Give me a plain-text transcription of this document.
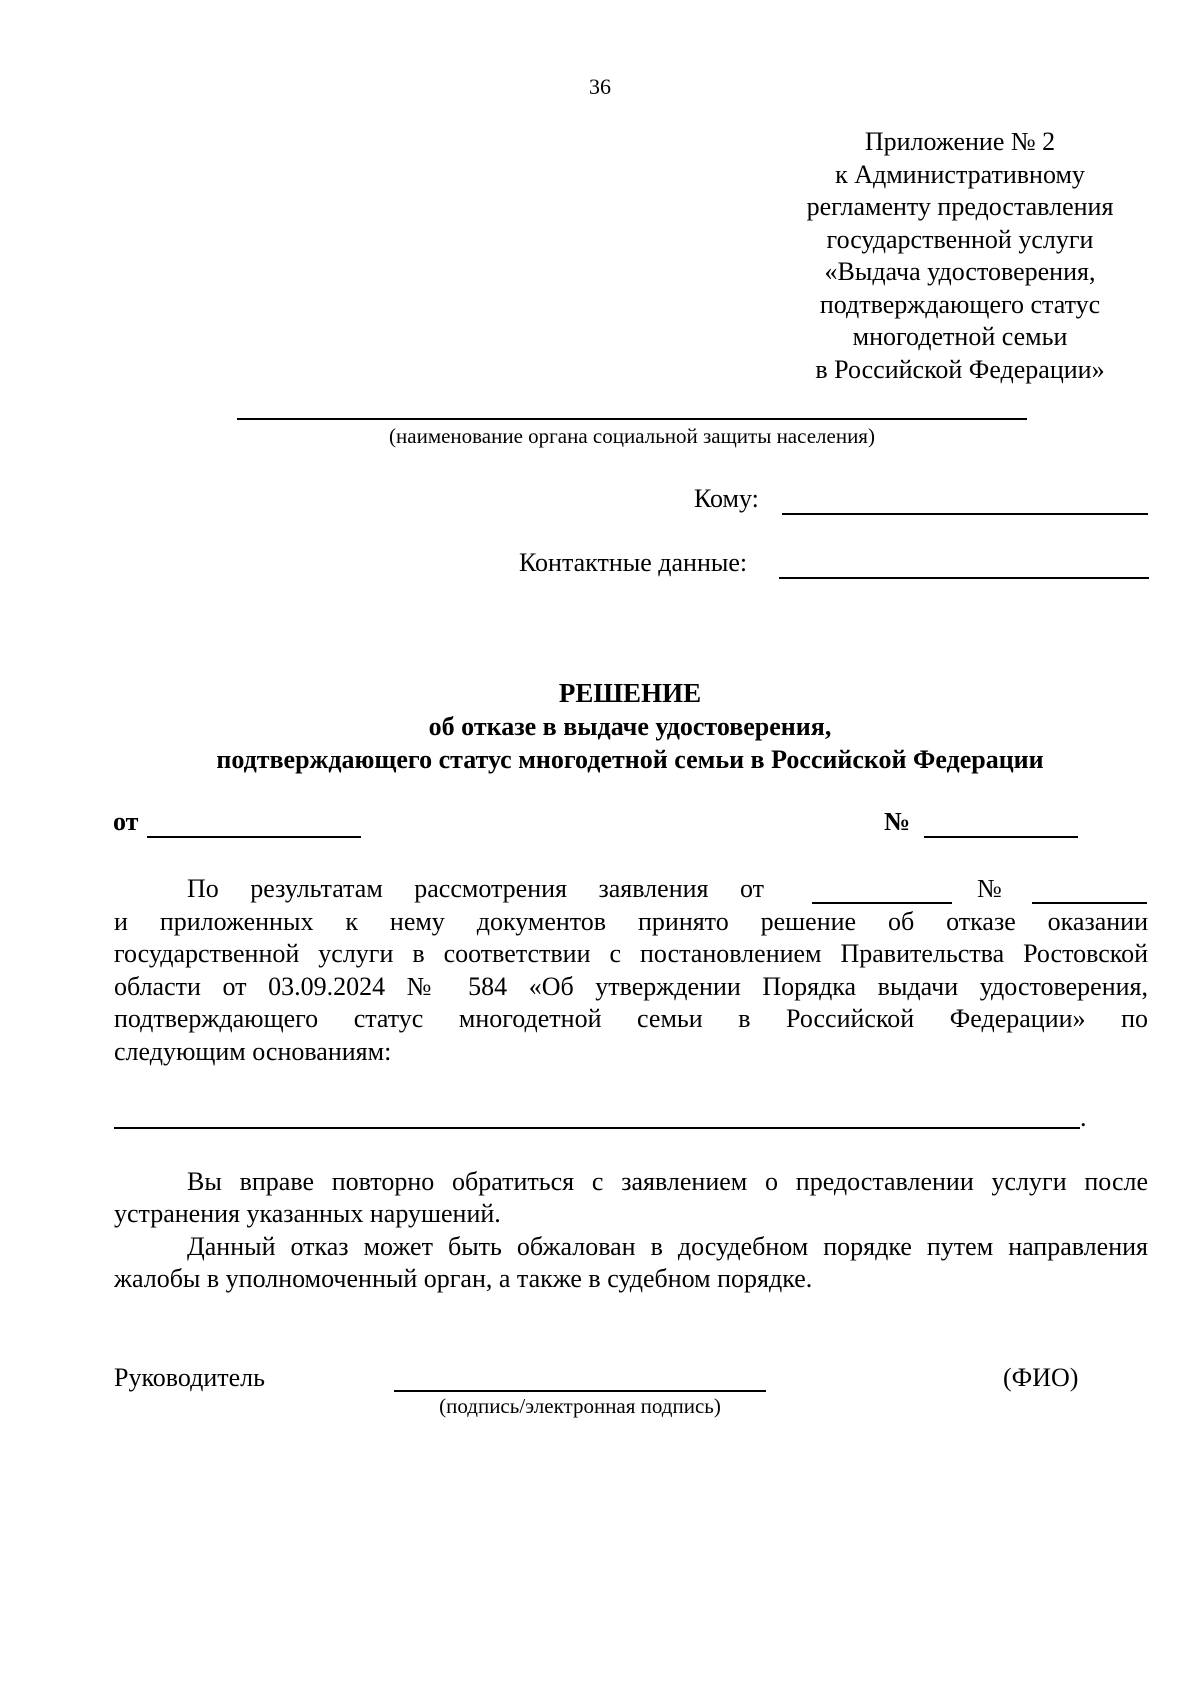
36
Приложение № 2
к Административному
регламенту предоставления
государственной услуги
«Выдача удостоверения,
подтверждающего статус
многодетной семьи
в Российской Федерации»
(наименование органа социальной защиты населения)
Кому:
Контактные данные:
РЕШЕНИЕ
об отказе в выдаче удостоверения,
подтверждающего статус многодетной семьи в Российской Федерации
от	№
По результатам рассмотрения заявления от	№
и приложенных к нему документов принято решение об отказе оказании
государственной услуги в соответствии с постановлением Правительства Ростовской
области от 03.09.2024 № 584 «Об утверждении Порядка выдачи удостоверения,
подтверждающего статус многодетной семьи в Российской Федерации» по
следующим основаниям:
.
Вы вправе повторно обратиться с заявлением о предоставлении услуги после
устранения указанных нарушений.
Данный отказ может быть обжалован в досудебном порядке путем направления
жалобы в уполномоченный орган, а также в судебном порядке.
Руководитель
(подпись/электронная подпись)
(ФИО)
